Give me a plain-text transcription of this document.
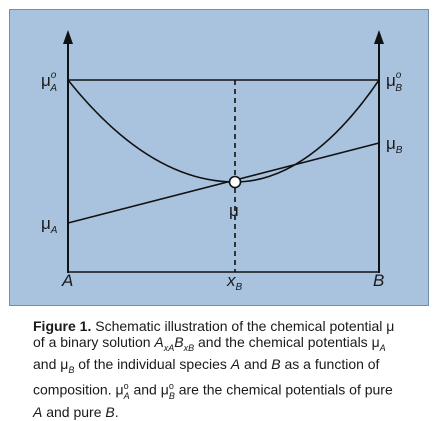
$\mu^o$ A	$\mu^o$ B
$\mu_B$
$\mu_A$
μ
A	B
$x_B$
Figure 1. Schematic illustration of the chemical potential μ
of a binary solution $A_{xA}B_{xB}$ and the chemical potentials $\mu_A$
and $\mu_B$ of the individual species A and B as a function of
composition. $\mu^o_A$ and $\mu^o_B$ are the chemical potentials of pure
A and pure B.
